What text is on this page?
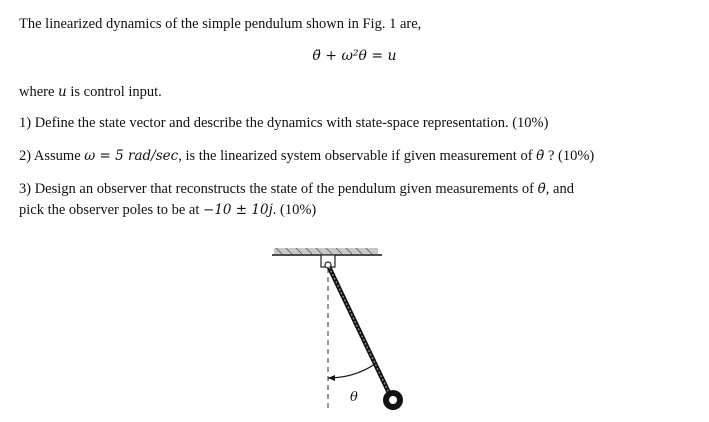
The linearized dynamics of the simple pendulum shown in Fig. 1 are,
θ̈ + ω²θ = u
where u is control input.
1) Define the state vector and describe the dynamics with state-space representation. (10%)
2) Assume ω = 5 rad/sec, is the linearized system observable if given measurement of θ̇ ? (10%)
3) Design an observer that reconstructs the state of the pendulum given measurements of θ̇, and
pick the observer poles to be at −10 ± 10j. (10%)
θ
